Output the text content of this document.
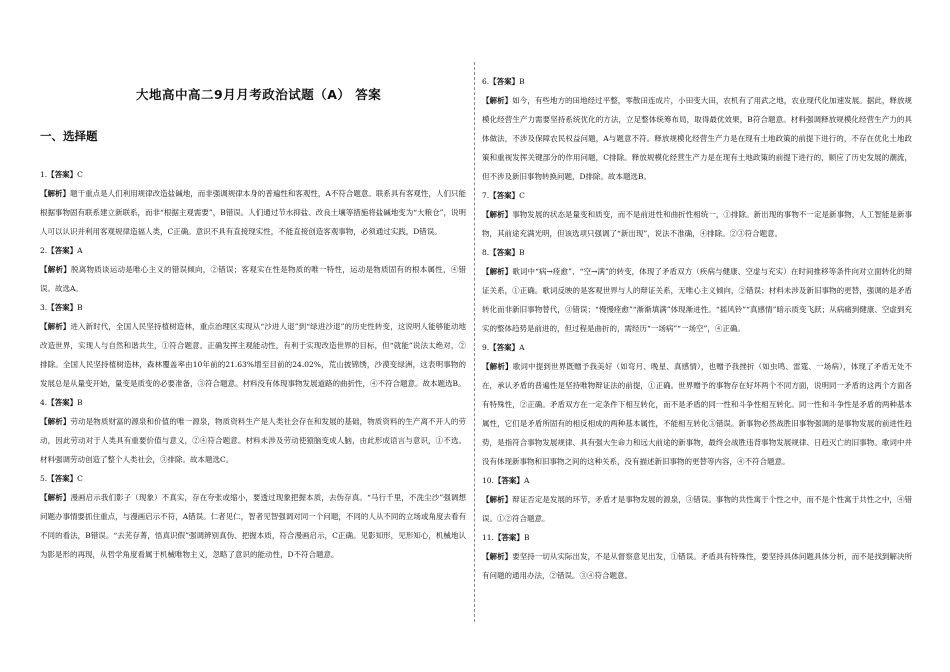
大地高中高二9月月考政治试题（A） 答案
一、选择题
1.【答案】C
【解析】题干重点是人们利用规律改造盐碱地，而非强调规律本身的普遍性和客观性，A不符合题意。联系具有客观性，人们只能根据事物固有联系建立新联系，而非“根据主观需要”，B错误。人们通过节水抑盐、改良土壤等措施将盐碱地变为“大粮仓”，说明人可以认识并利用客观规律造福人类，C正确。意识不具有直接现实性，不能直接创造客观事物，必须通过实践，D错误。
2.【答案】A
【解析】脱离物质谈运动是唯心主义的错误倾向，②错误；客观实在性是物质的唯一特性，运动是物质固有的根本属性，④错误。故选A。
3.【答案】B
【解析】进入新时代，全国人民坚持植树造林，重点治理区实现从“沙进人退”到“绿进沙退”的历史性转变，这说明人能够能动地改造世界，实现人与自然和谐共生，①符合题意。正确发挥主观能动性，有利于实现改造世界的目标，但“就能”说法太绝对，②排除。全国人民坚持植树造林，森林覆盖率由10年前的21.63%增至目前的24.02%，荒山披锦绣，沙漠变绿洲，这表明事物的发展总是从量变开始，量变是质变的必要准备，③符合题意。材料没有体现事物发展道路的曲折性，④不符合题意。故本题选B。
4.【答案】B
【解析】劳动是物质财富的源泉和价值的唯一源泉，物质资料生产是人类社会存在和发展的基础，物质资料的生产离不开人的劳动，因此劳动对于人类具有重要价值与意义，②④符合题意。材料未涉及劳动使猿脑变成人脑，由此形成语言与意识，①不选。材料强调劳动创造了整个人类社会，③排除。故本题选C。
5.【答案】C
【解析】漫画启示我们影子（现象）不真实，存在夸张或缩小，要透过现象把握本质，去伪存真。“马行千里，不洗尘沙”强调想问题办事情要抓住重点，与漫画启示不符，A错误。仁者见仁，智者见智强调对同一个问题，不同的人从不同的立场或角度去看有不同的看法，B错误。“去芜存菁，悟真识假”强调辨别真伪、把握本质，符合漫画启示，C正确。见影知形，见形知心，机械地认为影是形的再现，从哲学角度看属于机械唯物主义，忽略了意识的能动性，D不符合题意。
6.【答案】B
【解析】如今，有些地方的田地经过平整，零散田连成片，小田变大田，农机有了用武之地，农业现代化加速发展。据此，释放规模化经营生产力需要坚持系统优化的方法，立足整体统筹布局，取得最优效果，B符合题意。材料强调释放规模化经营生产力的具体做法，不涉及保障农民权益问题，A与题意不符。释放规模化经营生产力是在现有土地政策的前提下进行的，不存在优化土地政策和重视发挥关键部分的作用问题，C排除。释放规模化经营生产力是在现有土地政策的前提下进行的，顺应了历史发展的潮流，但不涉及新旧事物转换问题，D排除。故本题选B。
7.【答案】C
【解析】事物发展的状态是量变和质变，而不是前进性和曲折性相统一，①排除。新出现的事物不一定是新事物，人工智能是新事物，其前途充满光明，但该选项只强调了“新出现”，说法不准确，④排除。②③符合题意。
8.【答案】B
【解析】歌词中“病→痊愈”、“空→满”的转变，体现了矛盾双方（疾病与健康、空虚与充实）在时间推移等条件向对立面转化的辩证关系，①正确。歌词反映的是客观世界与人的辩证关系，无唯心主义倾向，②错误；材料未涉及新旧事物的更替，强调的是矛盾转化而非新旧事物替代，③错误；“慢慢痊愈”“渐渐填满”体现渐进性。“摇风铃”“真感情”暗示质变飞跃；从病痛到健康、空虚到充实的整体趋势是前进的，但过程是曲折的，需经历“一场病”“一场空”，④正确。
9.【答案】A
【解析】歌词中提到世界既赠予我美好（如弯月、晚星、真感情），也赠予我挫折（如虫鸣、雷霆、一场病），体现了矛盾无处不在，承认矛盾的普遍性是坚持唯物辩证法的前提，①正确。世界赠予的事物存在好坏两个不同方面，说明同一矛盾的这两个方面各有特殊性，②正确。矛盾双方在一定条件下相互转化，而不是矛盾的同一性和斗争性相互转化。同一性和斗争性是矛盾的两种基本属性，它们是矛盾所固有的相反相成的两种基本属性，不能相互转化③错误。新事物必然战胜旧事物强调的是事物发展的前进性趋势，是指符合事物发展规律、具有强大生命力和远大前途的新事物，最终会战胜违背事物发展规律、日趋灭亡的旧事物。歌词中并没有体现新事物和旧事物之间的这种关系，没有描述新旧事物的更替等内容，④不符合题意。
10.【答案】A
【解析】辩证否定是发展的环节，矛盾才是事物发展的源泉，③错误。事物的共性寓于个性之中，而不是个性寓于共性之中，④错误。①②符合题意。
11.【答案】B
【解析】要坚持一切从实际出发，不是从督察意见出发，①错误。矛盾具有特殊性，要坚持具体问题具体分析，而不是找到解决所有问题的通用办法，②错误。③④符合题意。
